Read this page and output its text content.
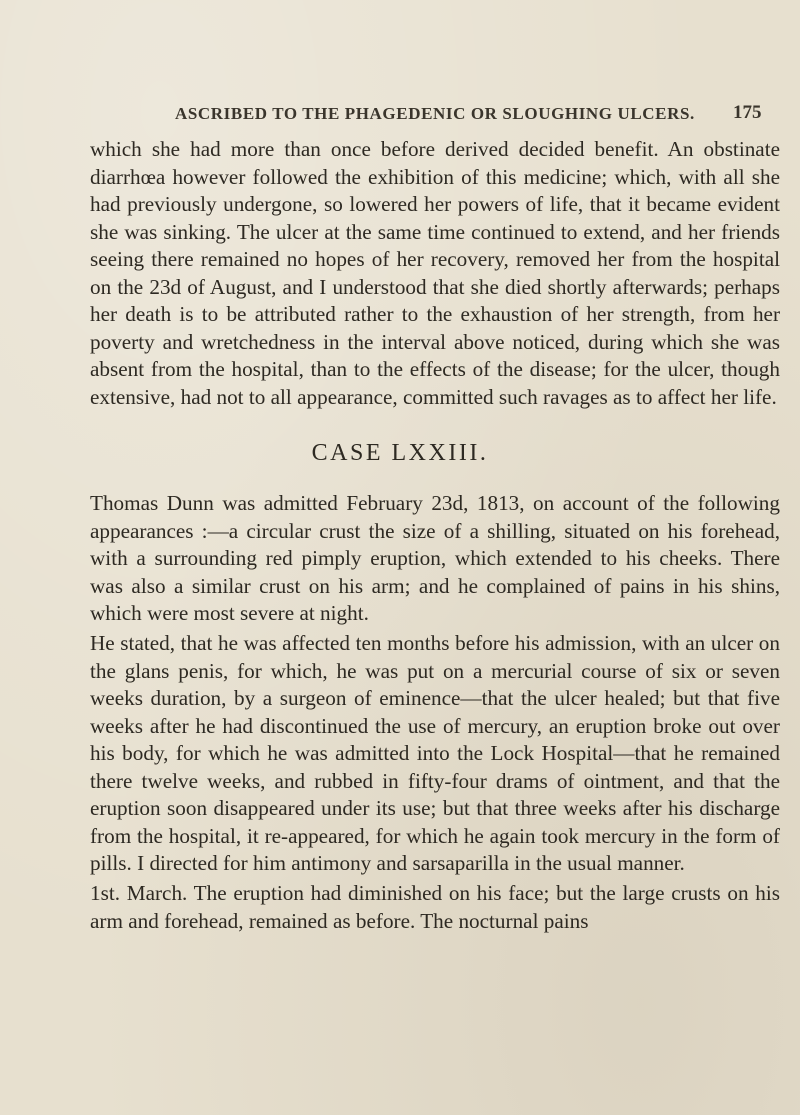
ASCRIBED TO THE PHAGEDENIC OR SLOUGHING ULCERS. 175

which she had more than once before derived decided benefit. An obstinate diarrhœa however followed the exhibition of this medicine; which, with all she had previously undergone, so lowered her powers of life, that it became evident she was sinking. The ulcer at the same time continued to extend, and her friends seeing there remained no hopes of her recovery, removed her from the hospital on the 23d of August, and I understood that she died shortly afterwards; perhaps her death is to be attributed rather to the exhaustion of her strength, from her poverty and wretchedness in the interval above noticed, during which she was absent from the hospital, than to the effects of the disease; for the ulcer, though extensive, had not to all appearance, committed such ravages as to affect her life.

CASE LXXIII.

Thomas Dunn was admitted February 23d, 1813, on account of the following appearances :—a circular crust the size of a shilling, situated on his forehead, with a surrounding red pimply eruption, which extended to his cheeks. There was also a similar crust on his arm; and he complained of pains in his shins, which were most severe at night.

He stated, that he was affected ten months before his admission, with an ulcer on the glans penis, for which, he was put on a mercurial course of six or seven weeks duration, by a surgeon of eminence—that the ulcer healed; but that five weeks after he had discontinued the use of mercury, an eruption broke out over his body, for which he was admitted into the Lock Hospital—that he remained there twelve weeks, and rubbed in fifty-four drams of ointment, and that the eruption soon disappeared under its use; but that three weeks after his discharge from the hospital, it re-appeared, for which he again took mercury in the form of pills. I directed for him antimony and sarsaparilla in the usual manner.

1st. March. The eruption had diminished on his face; but the large crusts on his arm and forehead, remained as before. The nocturnal pains
